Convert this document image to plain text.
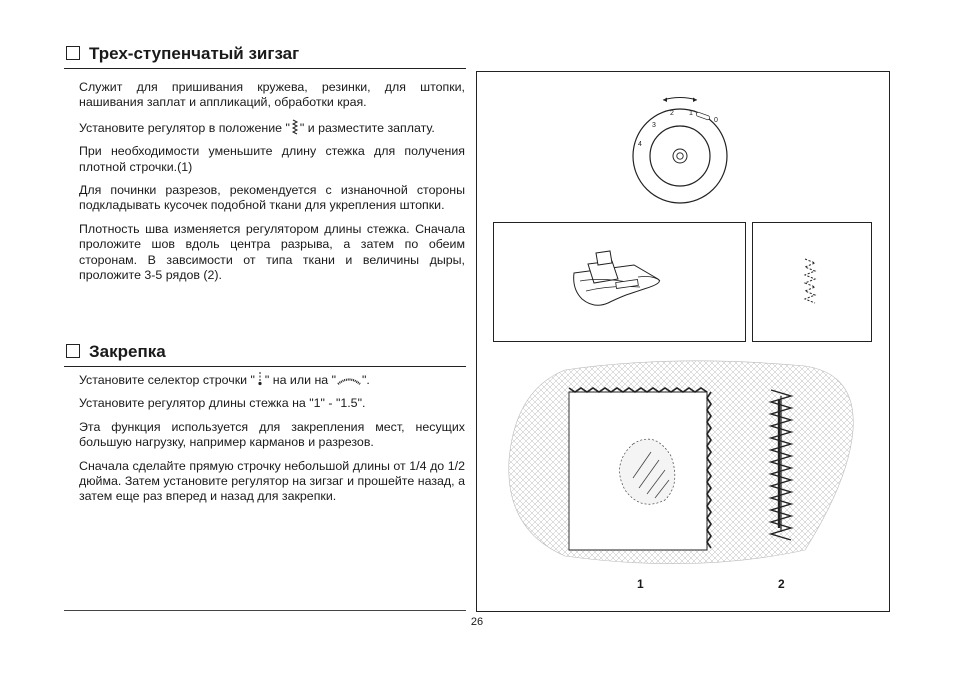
Трех-ступенчатый зигзаг

Служит для пришивания кружева, резинки, для штопки, нашивания заплат и аппликаций, обработки края.

Установите регулятор в положение " " и разместите заплату.

При необходимости уменьшите длину стежка для получения плотной строчки.(1)

Для починки разрезов, рекомендуется с изнаночной стороны подкладывать кусочек подобной ткани для укрепления штопки.

Плотность шва изменяется регулятором длины стежка. Сначала проложите шов вдоль центра разрыва, а затем по обеим сторонам. В завсимости от типа ткани и величины дыры, проложите 3-5 рядов (2).

Закрепка

Установите селектор строчки " " на или на " ".

Установите регулятор длины стежка на "1" - "1.5".

Эта функция используется для закрепления мест, несущих большую нагрузку, например карманов и разрезов.

Сначала сделайте прямую строчку небольшой длины от 1/4 до 1/2 дюйма. Затем установите регулятор на зигзаг и прошейте назад, а затем еще раз вперед и назад для закрепки.

26
4
3
2 1
0
1	2
